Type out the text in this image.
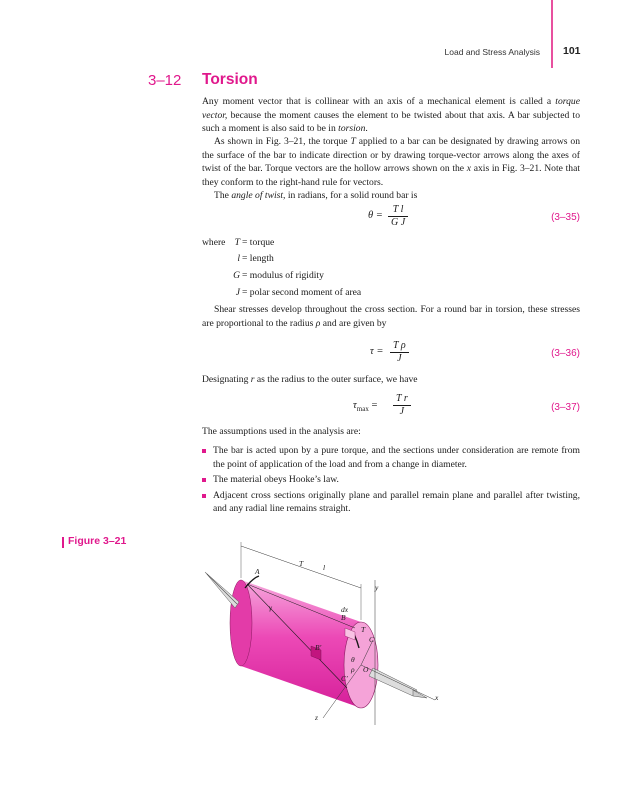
Load and Stress Analysis 101
3–12 Torsion

Any moment vector that is collinear with an axis of a mechanical element is called a torque vector, because the moment causes the element to be twisted about that axis. A bar subjected to such a moment is also said to be in torsion.

As shown in Fig. 3–21, the torque T applied to a bar can be designated by drawing arrows on the surface of the bar to indicate direction or by drawing torque-vector arrows along the axes of twist of the bar. Torque vectors are the hollow arrows shown on the x axis in Fig. 3–21. Note that they conform to the right-hand rule for vectors.

The angle of twist, in radians, for a solid round bar is

θ =
T l
G J	(3–35)
where T = torque
l = length
G = modulus of rigidity
J = polar second moment of area

Shear stresses develop throughout the cross section. For a round bar in torsion, these stresses are proportional to the radius ρ and are given by

τ =
T ρ
J	(3–36)

Designating r as the radius to the outer surface, we have

$\tau_{max}$ =
T r
J	(3–37)
The assumptions used in the analysis are:
The bar is acted upon by a pure torque, and the sections under consideration are remote from the point of application of the load and from a change in diameter.
The material obeys Hooke’s law.
Adjacent cross sections originally plane and parallel remain plane and parallel after twisting, and any radial line remains straight.
Figure 3–21
T	l
A
γ
y
dx
B
T
C
B′
θ
ρ O
C′
z
x
